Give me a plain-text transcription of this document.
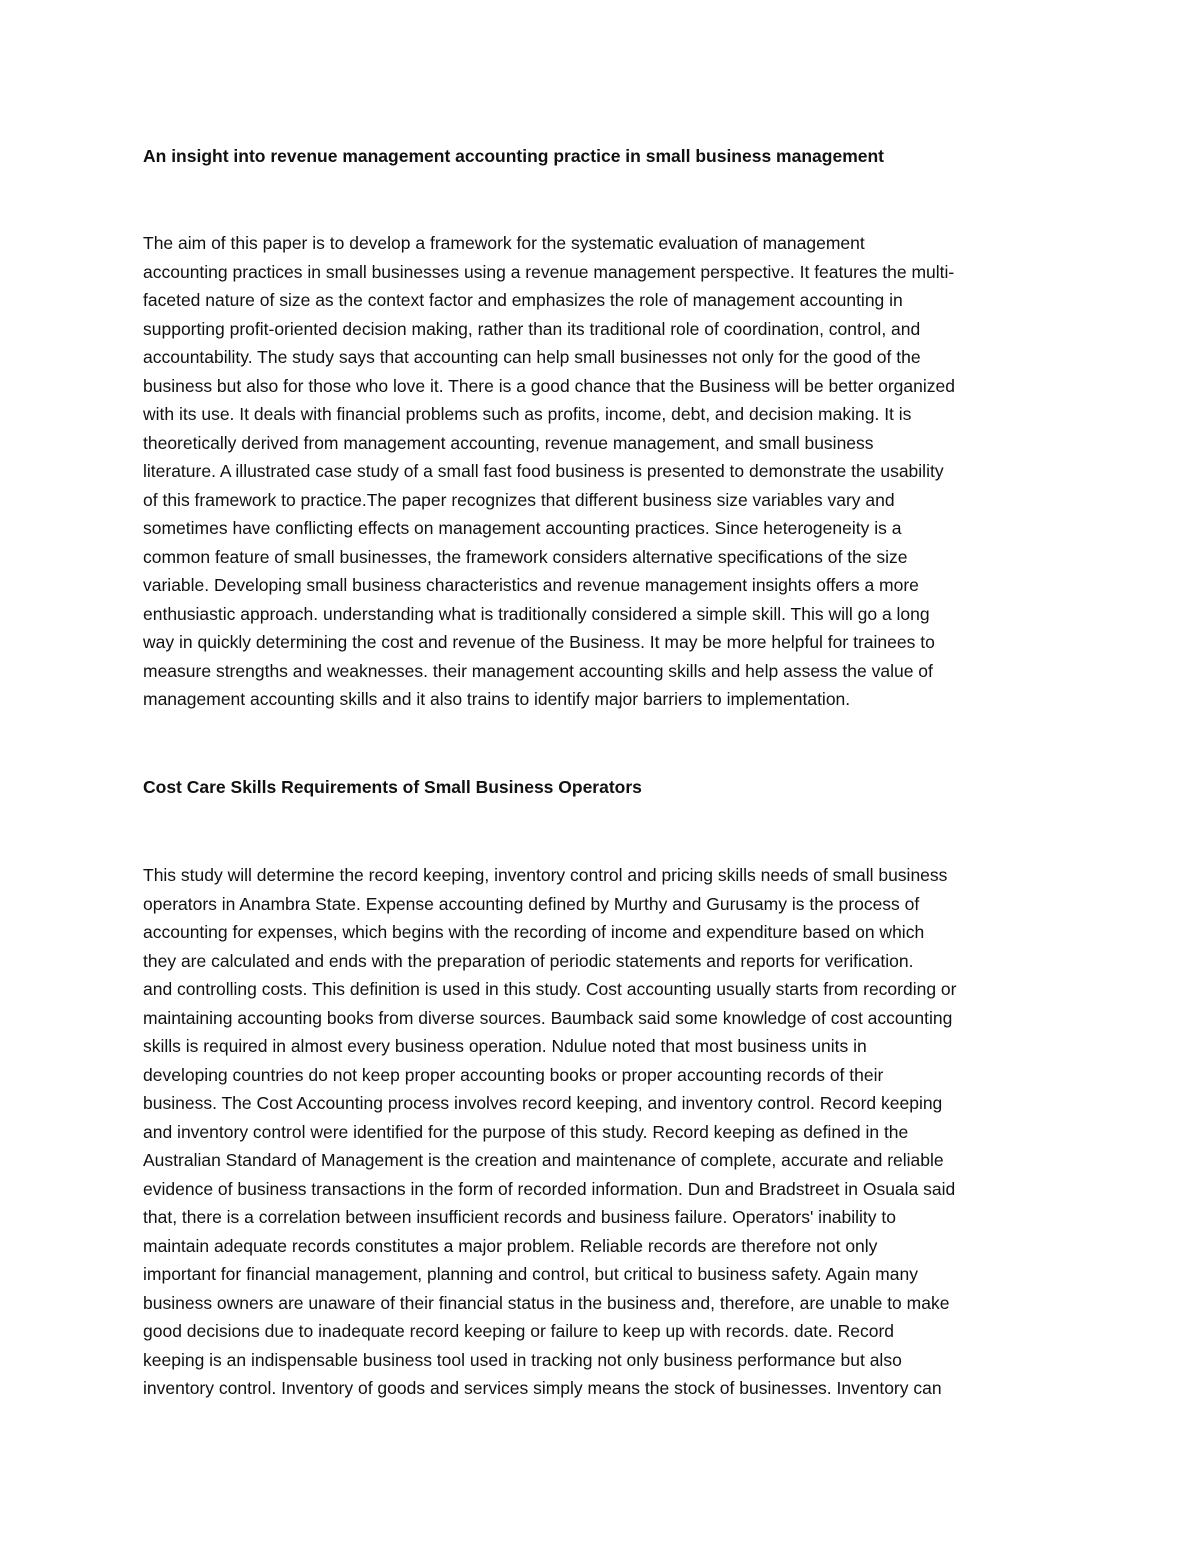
An insight into revenue management accounting practice in small business management
The aim of this paper is to develop a framework for the systematic evaluation of management
accounting practices in small businesses using a revenue management perspective. It features the multi-
faceted nature of size as the context factor and emphasizes the role of management accounting in
supporting profit-oriented decision making, rather than its traditional role of coordination, control, and
accountability. The study says that accounting can help small businesses not only for the good of the
business but also for those who love it. There is a good chance that the Business will be better organized
with its use. It deals with financial problems such as profits, income, debt, and decision making. It is
theoretically derived from management accounting, revenue management, and small business
literature. A illustrated case study of a small fast food business is presented to demonstrate the usability
of this framework to practice.The paper recognizes that different business size variables vary and
sometimes have conflicting effects on management accounting practices. Since heterogeneity is a
common feature of small businesses, the framework considers alternative specifications of the size
variable. Developing small business characteristics and revenue management insights offers a more
enthusiastic approach. understanding what is traditionally considered a simple skill. This will go a long
way in quickly determining the cost and revenue of the Business. It may be more helpful for trainees to
measure strengths and weaknesses. their management accounting skills and help assess the value of
management accounting skills and it also trains to identify major barriers to implementation.
Cost Care Skills Requirements of Small Business Operators
This study will determine the record keeping, inventory control and pricing skills needs of small business
operators in Anambra State. Expense accounting defined by Murthy and Gurusamy is the process of
accounting for expenses, which begins with the recording of income and expenditure based on which
they are calculated and ends with the preparation of periodic statements and reports for verification.
and controlling costs. This definition is used in this study. Cost accounting usually starts from recording or
maintaining accounting books from diverse sources. Baumback said some knowledge of cost accounting
skills is required in almost every business operation. Ndulue noted that most business units in
developing countries do not keep proper accounting books or proper accounting records of their
business. The Cost Accounting process involves record keeping, and inventory control. Record keeping
and inventory control were identified for the purpose of this study. Record keeping as defined in the
Australian Standard of Management is the creation and maintenance of complete, accurate and reliable
evidence of business transactions in the form of recorded information. Dun and Bradstreet in Osuala said
that, there is a correlation between insufficient records and business failure. Operators' inability to
maintain adequate records constitutes a major problem. Reliable records are therefore not only
important for financial management, planning and control, but critical to business safety. Again many
business owners are unaware of their financial status in the business and, therefore, are unable to make
good decisions due to inadequate record keeping or failure to keep up with records. date. Record
keeping is an indispensable business tool used in tracking not only business performance but also
inventory control. Inventory of goods and services simply means the stock of businesses. Inventory can
